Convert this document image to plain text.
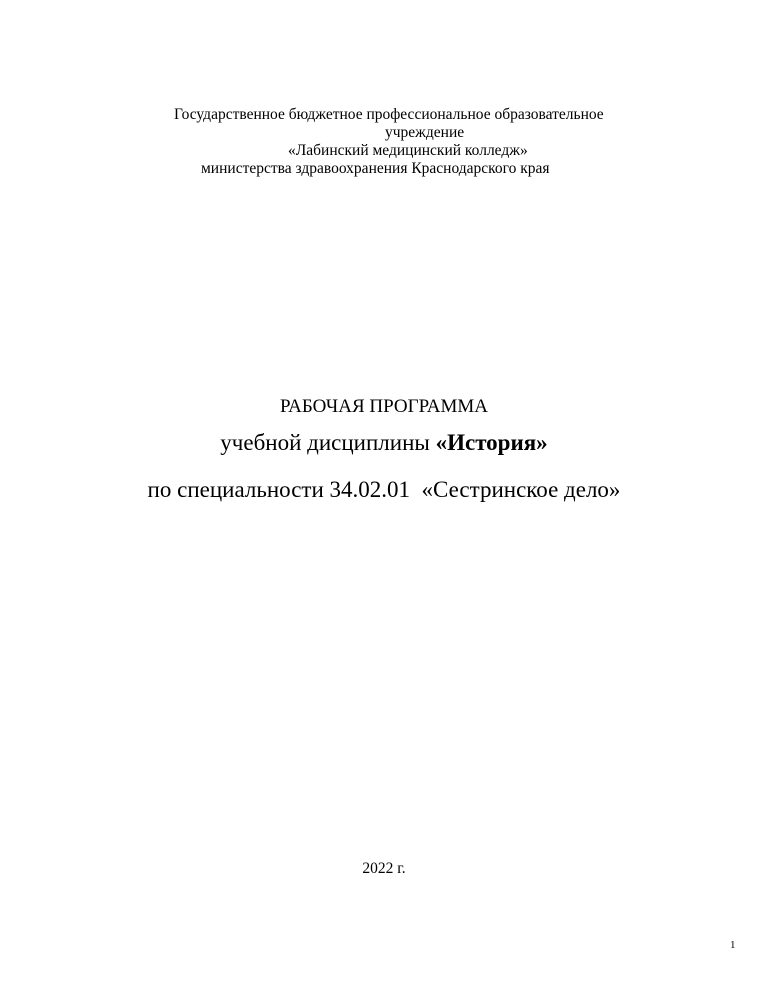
Государственное бюджетное профессиональное образовательное
учреждение
«Лабинский медицинский колледж»
министерства здравоохранения Краснодарского края
РАБОЧАЯ ПРОГРАММА
учебной дисциплины «История»
по специальности 34.02.01  «Сестринское дело»
2022 г.
1
